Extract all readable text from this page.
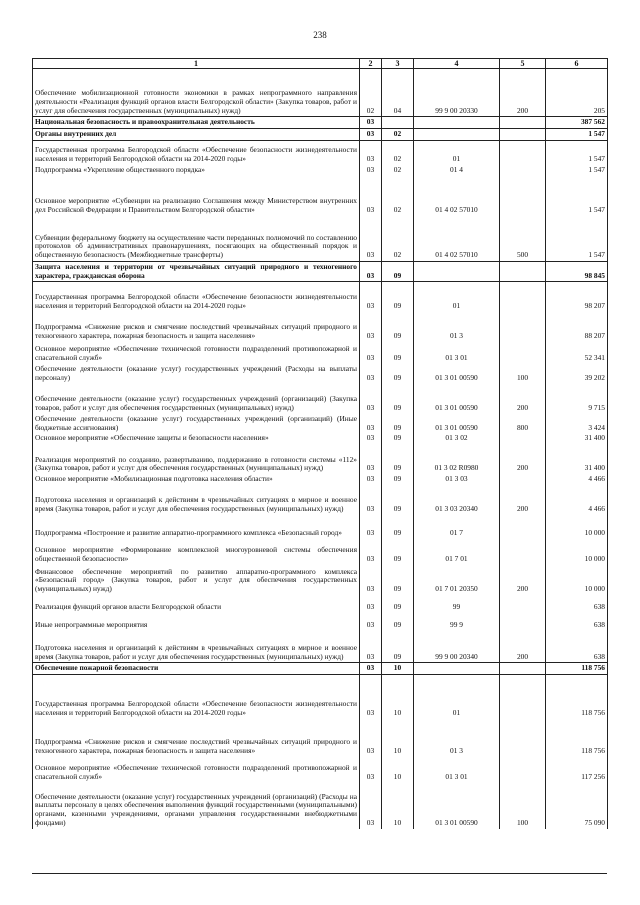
238
1	2	3	4	5	6
Обеспечение мобилизационной готовности экономики в рамках непрограммного направления деятельности «Реализация функций органов власти Белгородской области» (Закупка товаров, работ и услуг для обеспечения государственных (муниципальных) нужд)	02	04	99 9 00 20330	200	205
Национальная безопасность и правоохранительная деятельность	03				387 562
Органы внутренних дел	03	02			1 547
Государственная программа Белгородской области «Обеспечение безопасности жизнедеятельности населения и территорий Белгородской области на 2014-2020 годы»	03	02	01		1 547
Подпрограмма «Укрепление общественного порядка»	03	02	01 4		1 547
Основное мероприятие «Субвенции на реализацию Соглашения между Министерством внутренних дел Российской Федерации и Правительством Белгородской области»	03	02	01 4 02 57010		1 547
Субвенции федеральному бюджету на осуществление части переданных полномочий по составлению протоколов об административных правонарушениях, посягающих на общественный порядок и общественную безопасность (Межбюджетные трансферты)	03	02	01 4 02 57010	500	1 547
Защита населения и территории от чрезвычайных ситуаций природного и техногенного характера, гражданская оборона	03	09			98 845
Государственная программа Белгородской области «Обеспечение безопасности жизнедеятельности населения и территорий Белгородской области на 2014-2020 годы»	03	09	01		98 207
Подпрограмма «Снижение рисков и смягчение последствий чрезвычайных ситуаций природного и техногенного характера, пожарная безопасность и защита населения»	03	09	01 3		88 207
Основное мероприятие «Обеспечение технической готовности подразделений противопожарной и спасательной служб»	03	09	01 3 01		52 341
Обеспечение деятельности (оказание услуг) государственных учреждений (Расходы на выплаты персоналу)	03	09	01 3 01 00590	100	39 202
Обеспечение деятельности (оказание услуг) государственных учреждений (организаций) (Закупка товаров, работ и услуг для обеспечения государственных (муниципальных) нужд)	03	09	01 3 01 00590	200	9 715
Обеспечение деятельности (оказание услуг) государственных учреждений (организаций) (Иные бюджетные ассигнования)	03	09	01 3 01 00590	800	3 424
Основное мероприятие «Обеспечение защиты и безопасности населения»	03	09	01 3 02		31 400
Реализация мероприятий по созданию, развертыванию, поддержанию в готовности системы «112» (Закупка товаров, работ и услуг для обеспечения государственных (муниципальных) нужд)	03	09	01 3 02 R0980	200	31 400
Основное мероприятие «Мобилизационная подготовка населения области»	03	09	01 3 03		4 466
Подготовка населения и организаций к действиям в чрезвычайных ситуациях в мирное и военное время (Закупка товаров, работ и услуг для обеспечения государственных (муниципальных) нужд)	03	09	01 3 03 20340	200	4 466
Подпрограмма «Построение и развитие аппаратно-программного комплекса «Безопасный город»	03	09	01 7		10 000
Основное мероприятие «Формирование комплексной многоуровневой системы обеспечения общественной безопасности»	03	09	01 7 01		10 000
Финансовое обеспечение мероприятий по развитию аппаратно-программного комплекса «Безопасный город» (Закупка товаров, работ и услуг для обеспечения государственных (муниципальных) нужд)	03	09	01 7 01 20350	200	10 000
Реализация функций органов власти Белгородской области	03	09	99		638
Иные непрограммные мероприятия	03	09	99 9		638
Подготовка населения и организаций к действиям в чрезвычайных ситуациях в мирное и военное время (Закупка товаров, работ и услуг для обеспечения государственных (муниципальных) нужд)	03	09	99 9 00 20340	200	638
Обеспечение пожарной безопасности	03	10			118 756
Государственная программа Белгородской области «Обеспечение безопасности жизнедеятельности населения и территорий Белгородской области на 2014-2020 годы»	03	10	01		118 756
Подпрограмма «Снижение рисков и смягчение последствий чрезвычайных ситуаций природного и техногенного характера, пожарная безопасность и защита населения»	03	10	01 3		118 756
Основное мероприятие «Обеспечение технической готовности подразделений противопожарной и спасательной служб»	03	10	01 3 01		117 256
Обеспечение деятельности (оказание услуг) государственных учреждений (организаций) (Расходы на выплаты персоналу в целях обеспечения выполнения функций государственными (муниципальными) органами, казенными учреждениями, органами управления государственными внебюджетными фондами)	03	10	01 3 01 00590	100	75 090
